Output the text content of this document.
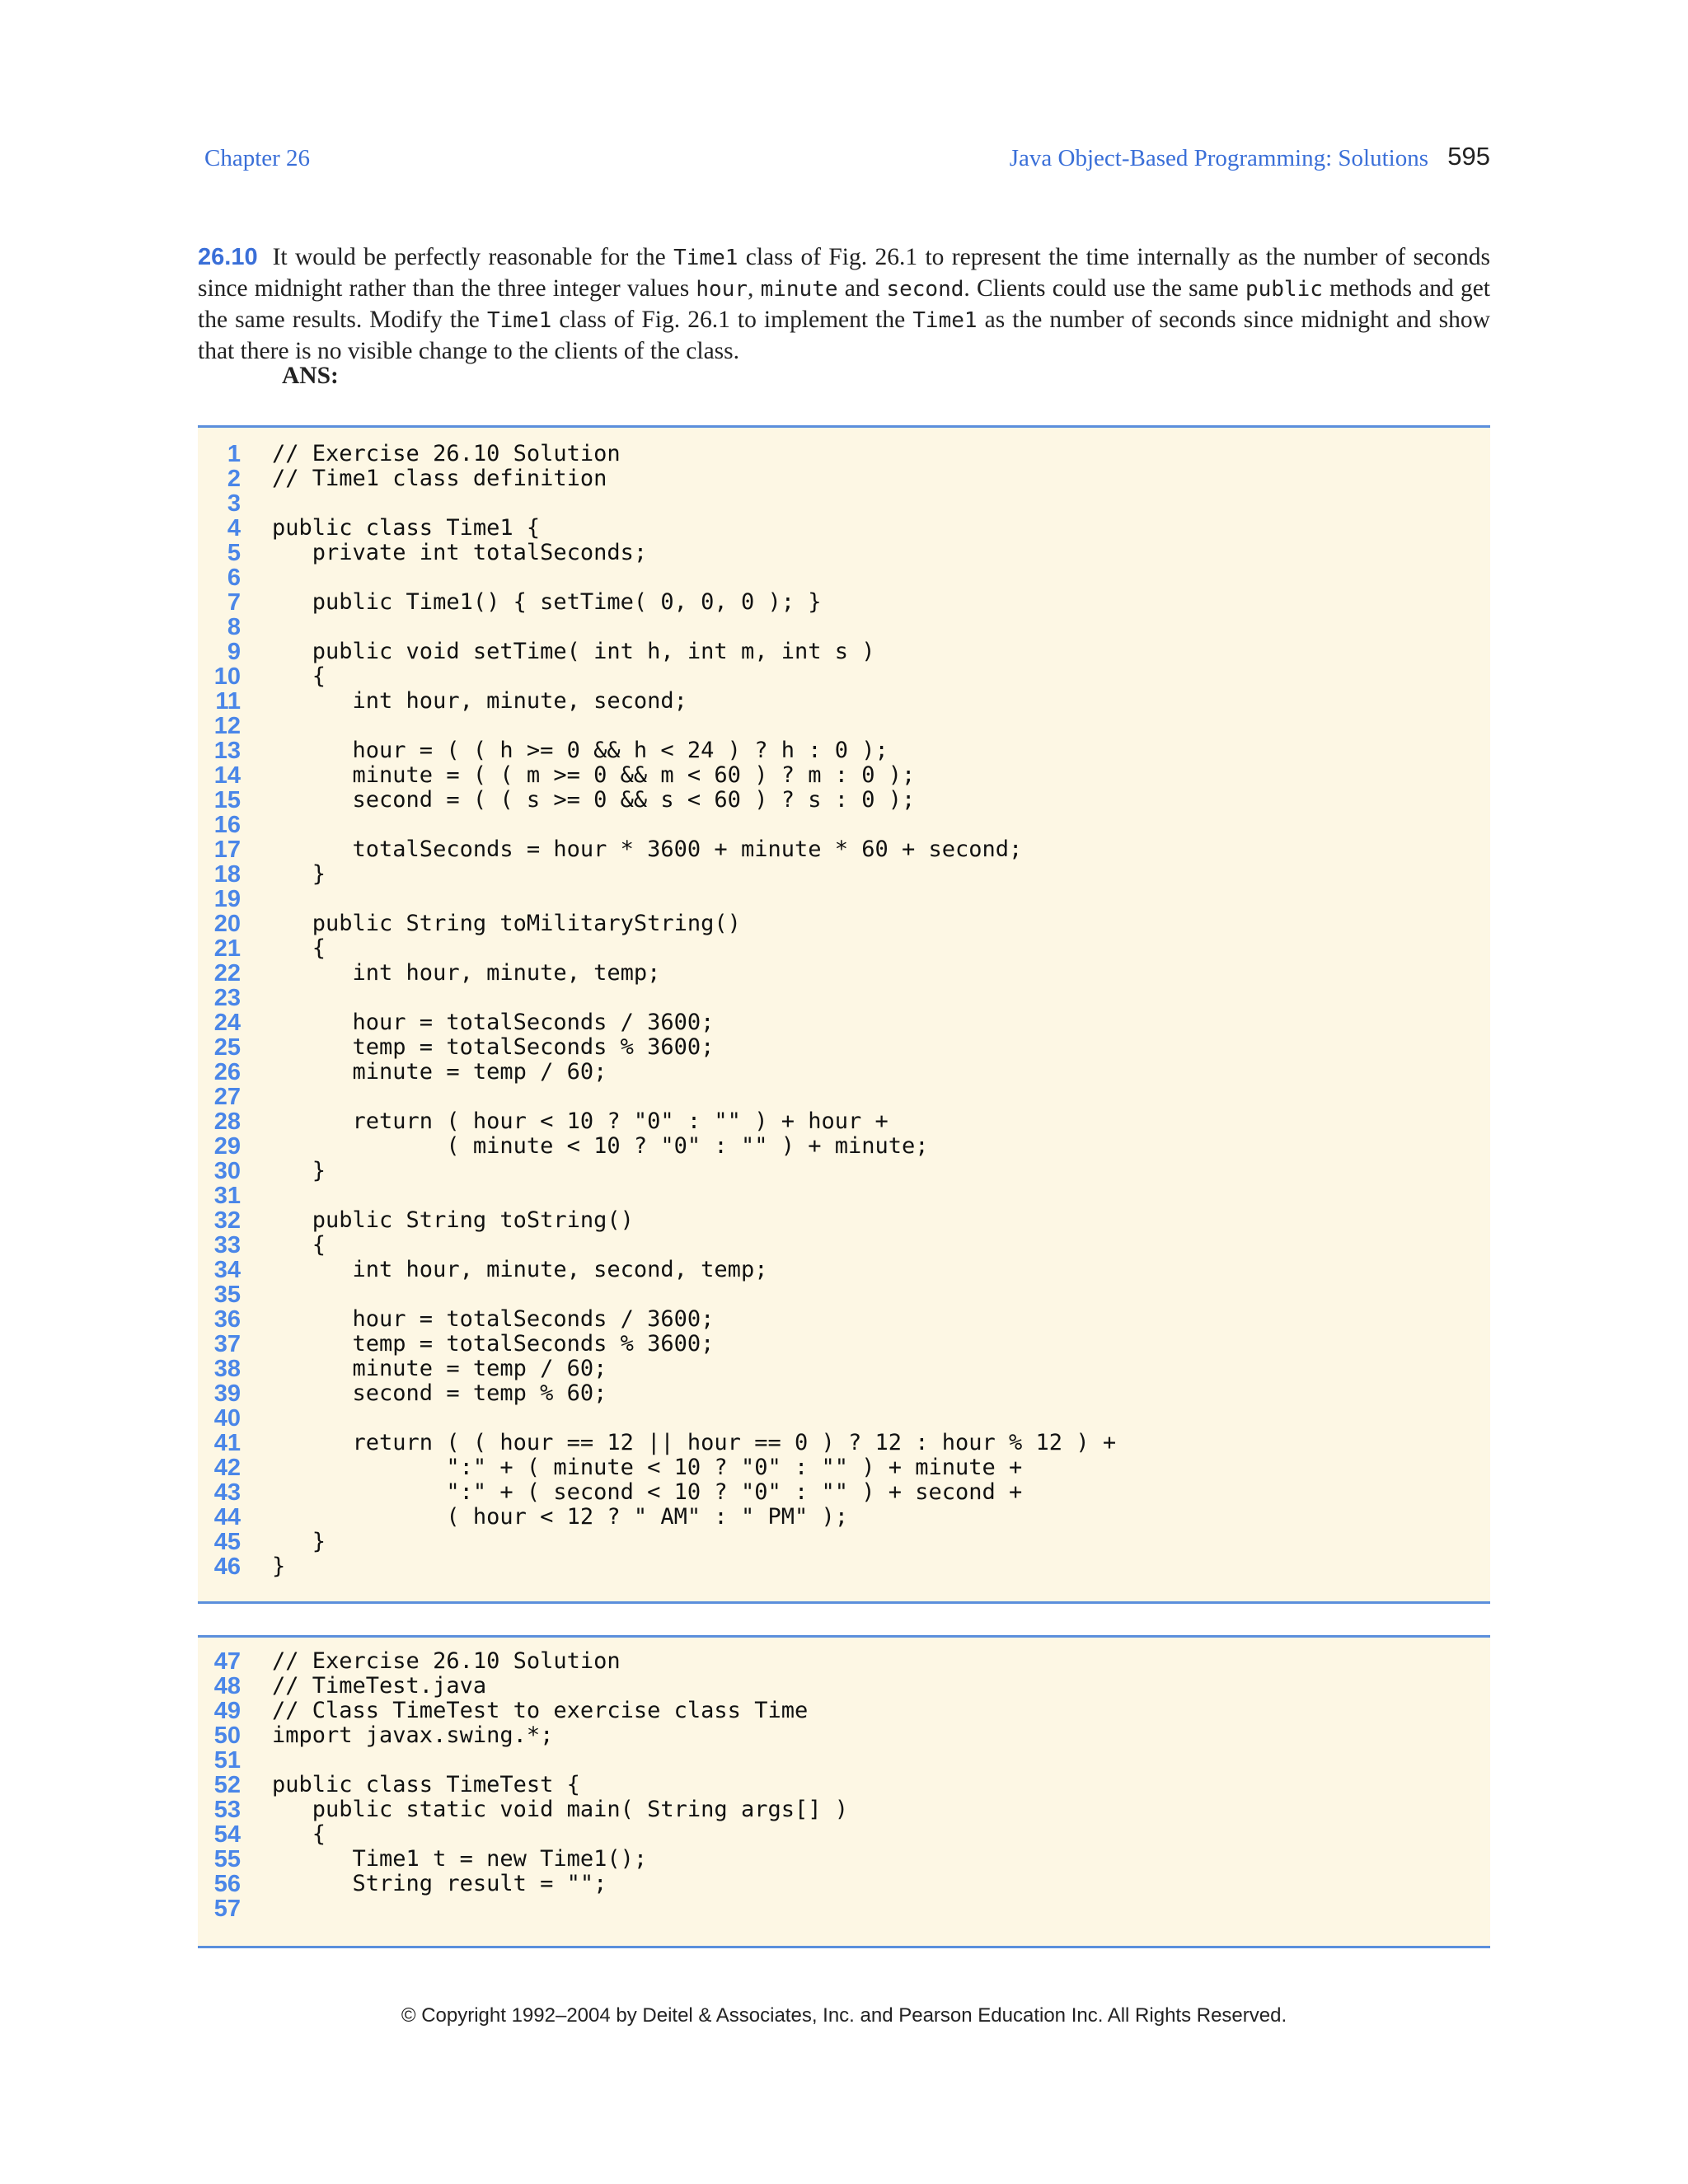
Chapter 26	Java Object-Based Programming: Solutions 595
26.10 It would be perfectly reasonable for the Time1 class of Fig. 26.1 to represent the time internally as the number of seconds since midnight rather than the three integer values hour, minute and second. Clients could use the same public methods and get the same results. Modify the Time1 class of Fig. 26.1 to implement the Time1 as the number of seconds since midnight and show that there is no visible change to the clients of the class.
ANS:
1 // Exercise 26.10 Solution
2 // Time1 class definition
3
4 public class Time1 {
5 private int totalSeconds;
6
7 public Time1() { setTime( 0, 0, 0 ); }
8
9 public void setTime( int h, int m, int s )
10 {
11 int hour, minute, second;
12
13 hour = ( ( h >= 0 && h < 24 ) ? h : 0 );
14 minute = ( ( m >= 0 && m < 60 ) ? m : 0 );
15 second = ( ( s >= 0 && s < 60 ) ? s : 0 );
16
17 totalSeconds = hour * 3600 + minute * 60 + second;
18 }
19
20 public String toMilitaryString()
21 {
22 int hour, minute, temp;
23
24 hour = totalSeconds / 3600;
25 temp = totalSeconds % 3600;
26 minute = temp / 60;
27
28 return ( hour < 10 ? "0" : "" ) + hour +
29 ( minute < 10 ? "0" : "" ) + minute;
30 }
31
32 public String toString()
33 {
34 int hour, minute, second, temp;
35
36 hour = totalSeconds / 3600;
37 temp = totalSeconds % 3600;
38 minute = temp / 60;
39 second = temp % 60;
40
41 return ( ( hour == 12 || hour == 0 ) ? 12 : hour % 12 ) +
42 ":" + ( minute < 10 ? "0" : "" ) + minute +
43 ":" + ( second < 10 ? "0" : "" ) + second +
44 ( hour < 12 ? " AM" : " PM" );
45 }
46 }
47 // Exercise 26.10 Solution
48 // TimeTest.java
49 // Class TimeTest to exercise class Time
50 import javax.swing.*;
51
52 public class TimeTest {
53 public static void main( String args[] )
54 {
55 Time1 t = new Time1();
56 String result = "";
57
© Copyright 1992–2004 by Deitel & Associates, Inc. and Pearson Education Inc. All Rights Reserved.
